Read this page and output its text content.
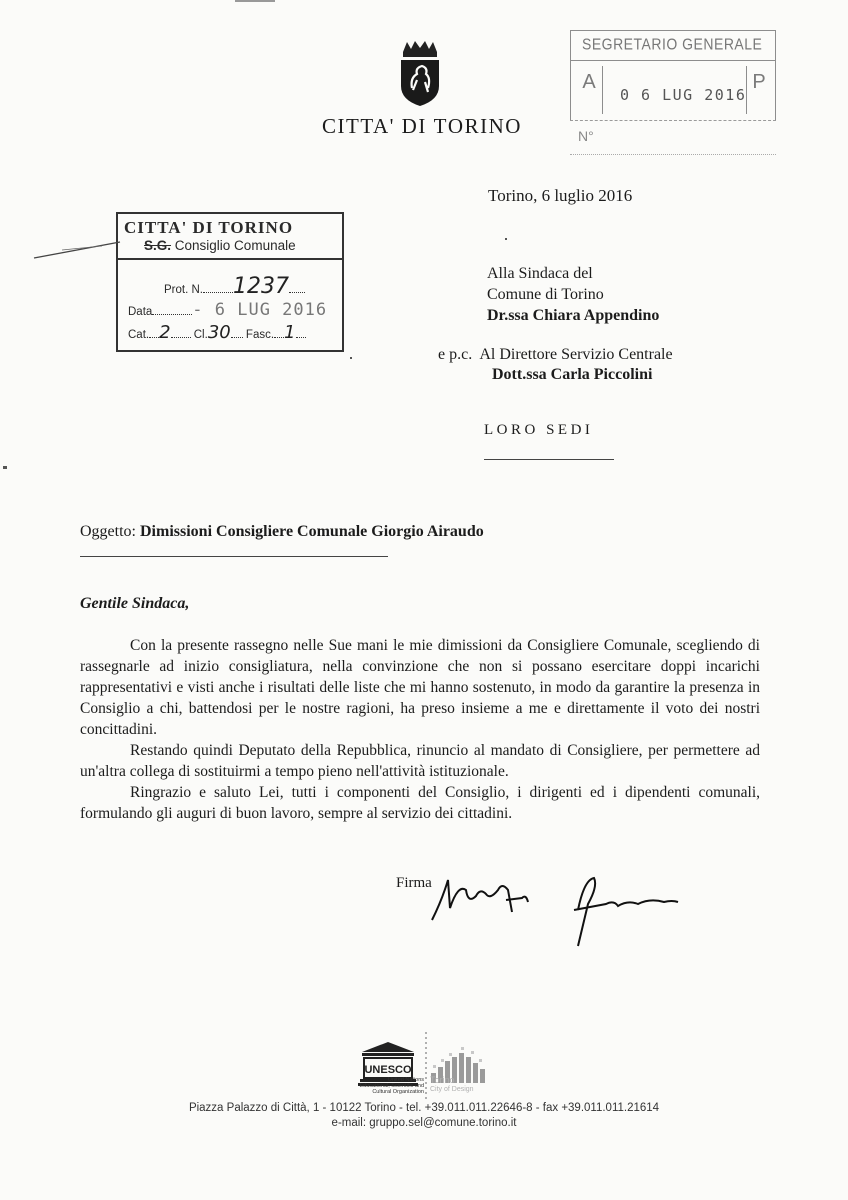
CITTA' DI TORINO
SEGRETARIO GENERALE
A
0 6 LUG 2016
P
N°
CITTA' DI TORINO
S.G. Consiglio Comunale
Prot. N. 1237
Data - 6 LUG 2016
Cat. 2 Cl.30 Fasc. 1
Torino, 6 luglio 2016
Alla Sindaca del
Comune di Torino
Dr.ssa Chiara Appendino
e p.c. Al Direttore Servizio Centrale
Dott.ssa Carla Piccolini
LORO SEDI
Oggetto: Dimissioni Consigliere Comunale Giorgio Airaudo
Gentile Sindaca,

Con la presente rassegno nelle Sue mani le mie dimissioni da Consigliere Comunale, scegliendo di rassegnarle ad inizio consigliatura, nella convinzione che non si possano esercitare doppi incarichi rappresentativi e visti anche i risultati delle liste che mi hanno sostenuto, in modo da garantire la presenza in Consiglio a chi, battendosi per le nostre ragioni, ha preso insieme a me e direttamente il voto dei nostri concittadini.

Restando quindi Deputato della Repubblica, rinuncio al mandato di Consigliere, per permettere ad un'altra collega di sostituirmi a tempo pieno nell'attività istituzionale.

Ringrazio e saluto Lei, tutti i componenti del Consiglio, i dirigenti ed i dipendenti comunali, formulando gli auguri di buon lavoro, sempre al servizio dei cittadini.

Firma
UNESCO
United Nations
Educational, Scientific and
Cultural Organization
Torino
City of Design
Piazza Palazzo di Città, 1 - 10122 Torino - tel. +39.011.011.22646-8 - fax +39.011.011.21614
e-mail: gruppo.sel@comune.torino.it
